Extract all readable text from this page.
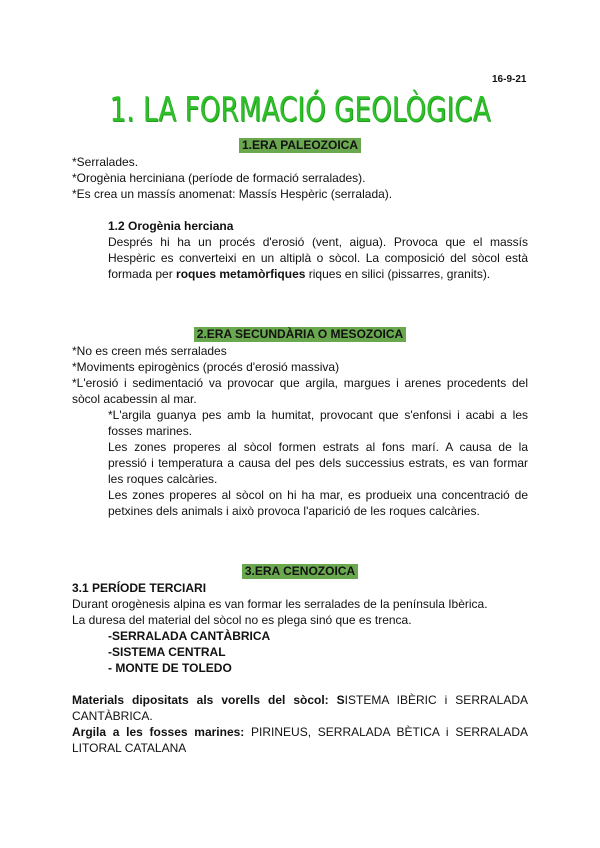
16-9-21
1. LA FORMACIÓ GEOLÒGICA
1.ERA PALEOZOICA
*Serralades.
*Orogènia herciniana (període de formació serralades).
*Es crea un massís anomenat: Massís Hespèric (serralada).
1.2 Orogènia herciana
Després hi ha un procés d'erosió (vent, aigua). Provoca que el massís
Hespèric es converteixi en un altiplà o sòcol. La composició del sòcol està
formada per roques metamòrfiques riques en silici (pissarres, granits).
2.ERA SECUNDÀRIA O MESOZOICA
*No es creen més serralades
*Moviments epirogènics (procés d'erosió massiva)
*L'erosió i sedimentació va provocar que argila, margues i arenes procedents del
sòcol acabessin al mar.
*L'argila guanya pes amb la humitat, provocant que s'enfonsi i acabi a les
fosses marines.
Les zones properes al sòcol formen estrats al fons marí. A causa de la
pressió i temperatura a causa del pes dels successius estrats, es van formar
les roques calcàries.
Les zones properes al sòcol on hi ha mar, es produeix una concentració de
petxines dels animals i això provoca l'aparició de les roques calcàries.
3.ERA CENOZOICA
3.1 PERÍODE TERCIARI
Durant orogènesis alpina es van formar les serralades de la península Ibèrica.
La duresa del material del sòcol no es plega sinó que es trenca.
-SERRALADA CANTÀBRICA
-SISTEMA CENTRAL
- MONTE DE TOLEDO
Materials dipositats als vorells del sòcol: SISTEMA IBÈRIC i SERRALADA
CANTÀBRICA.
Argila a les fosses marines: PIRINEUS, SERRALADA BÈTICA i SERRALADA
LITORAL CATALANA
